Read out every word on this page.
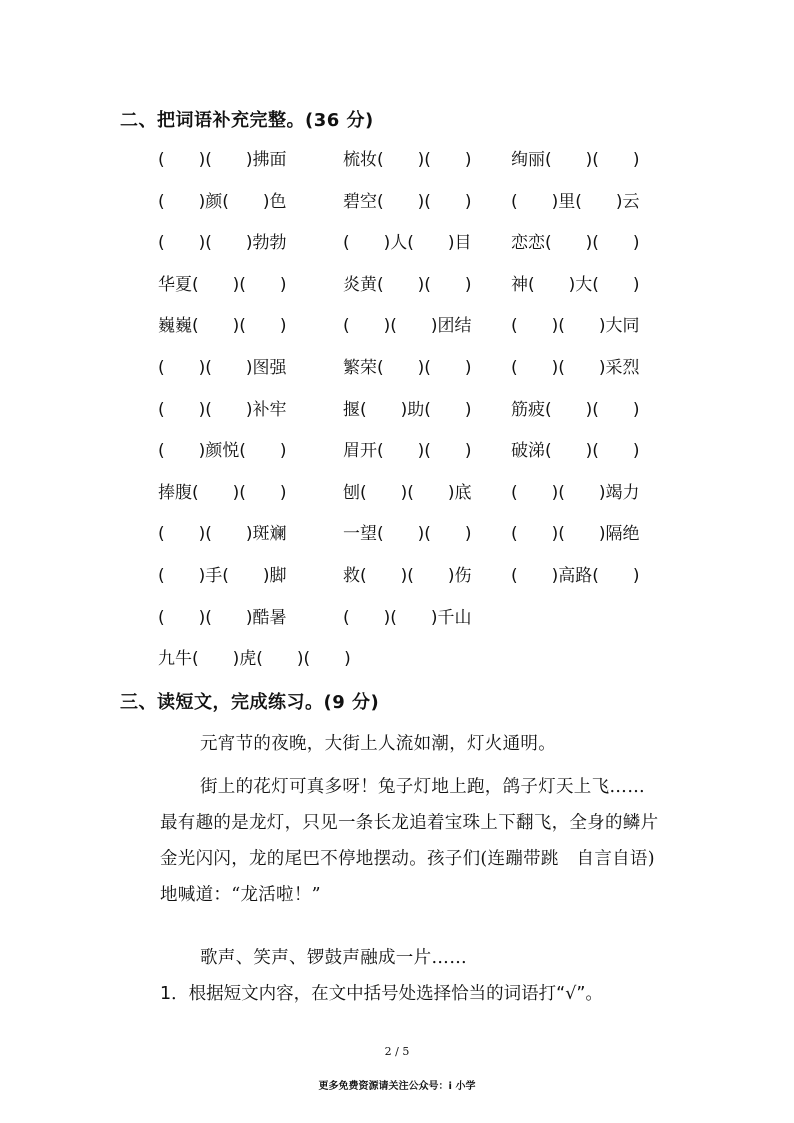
二、把词语补充完整。(36 分)
(　　)(　　)拂面	梳妆(　　)(　　) 绚丽(　　)(　　)
(　　)颜(　　)色	碧空(　　)(　　) (　　)里(　　)云
(　　)(　　)勃勃	(　　)人(　　)目 恋恋(　　)(　　)
华夏(　　)(　　)	炎黄(　　)(　　) 神(　　)大(　　)
巍巍(　　)(　　)	(　　)(　　)团结 (　　)(　　)大同
(　　)(　　)图强	繁荣(　　)(　　) (　　)(　　)采烈
(　　)(　　)补牢	揠(　　)助(　　) 筋疲(　　)(　　)
(　　)颜悦(　　)	眉开(　　)(　　) 破涕(　　)(　　)
捧腹(　　)(　　)	刨(　　)(　　)底 (　　)(　　)竭力
(　　)(　　)斑斓	一望(　　)(　　) (　　)(　　)隔绝
(　　)手(　　)脚	救(　　)(　　)伤 (　　)高路(　　)
(　　)(　　)酷暑	(　　)(　　)千山
九牛(　　)虎(　　)(　　)
三、读短文，完成练习。(9 分)
元宵节的夜晚，大街上人流如潮，灯火通明。
街上的花灯可真多呀！兔子灯地上跑，鸽子灯天上飞……最有趣的是龙灯，只见一条长龙追着宝珠上下翻飞，全身的鳞片金光闪闪，龙的尾巴不停地摆动。孩子们(连蹦带跳　自言自语)地喊道：“龙活啦！”
歌声、笑声、锣鼓声融成一片……
1．根据短文内容，在文中括号处选择恰当的词语打“√”。
2 / 5
更多免费资源请关注公众号：i 小学
